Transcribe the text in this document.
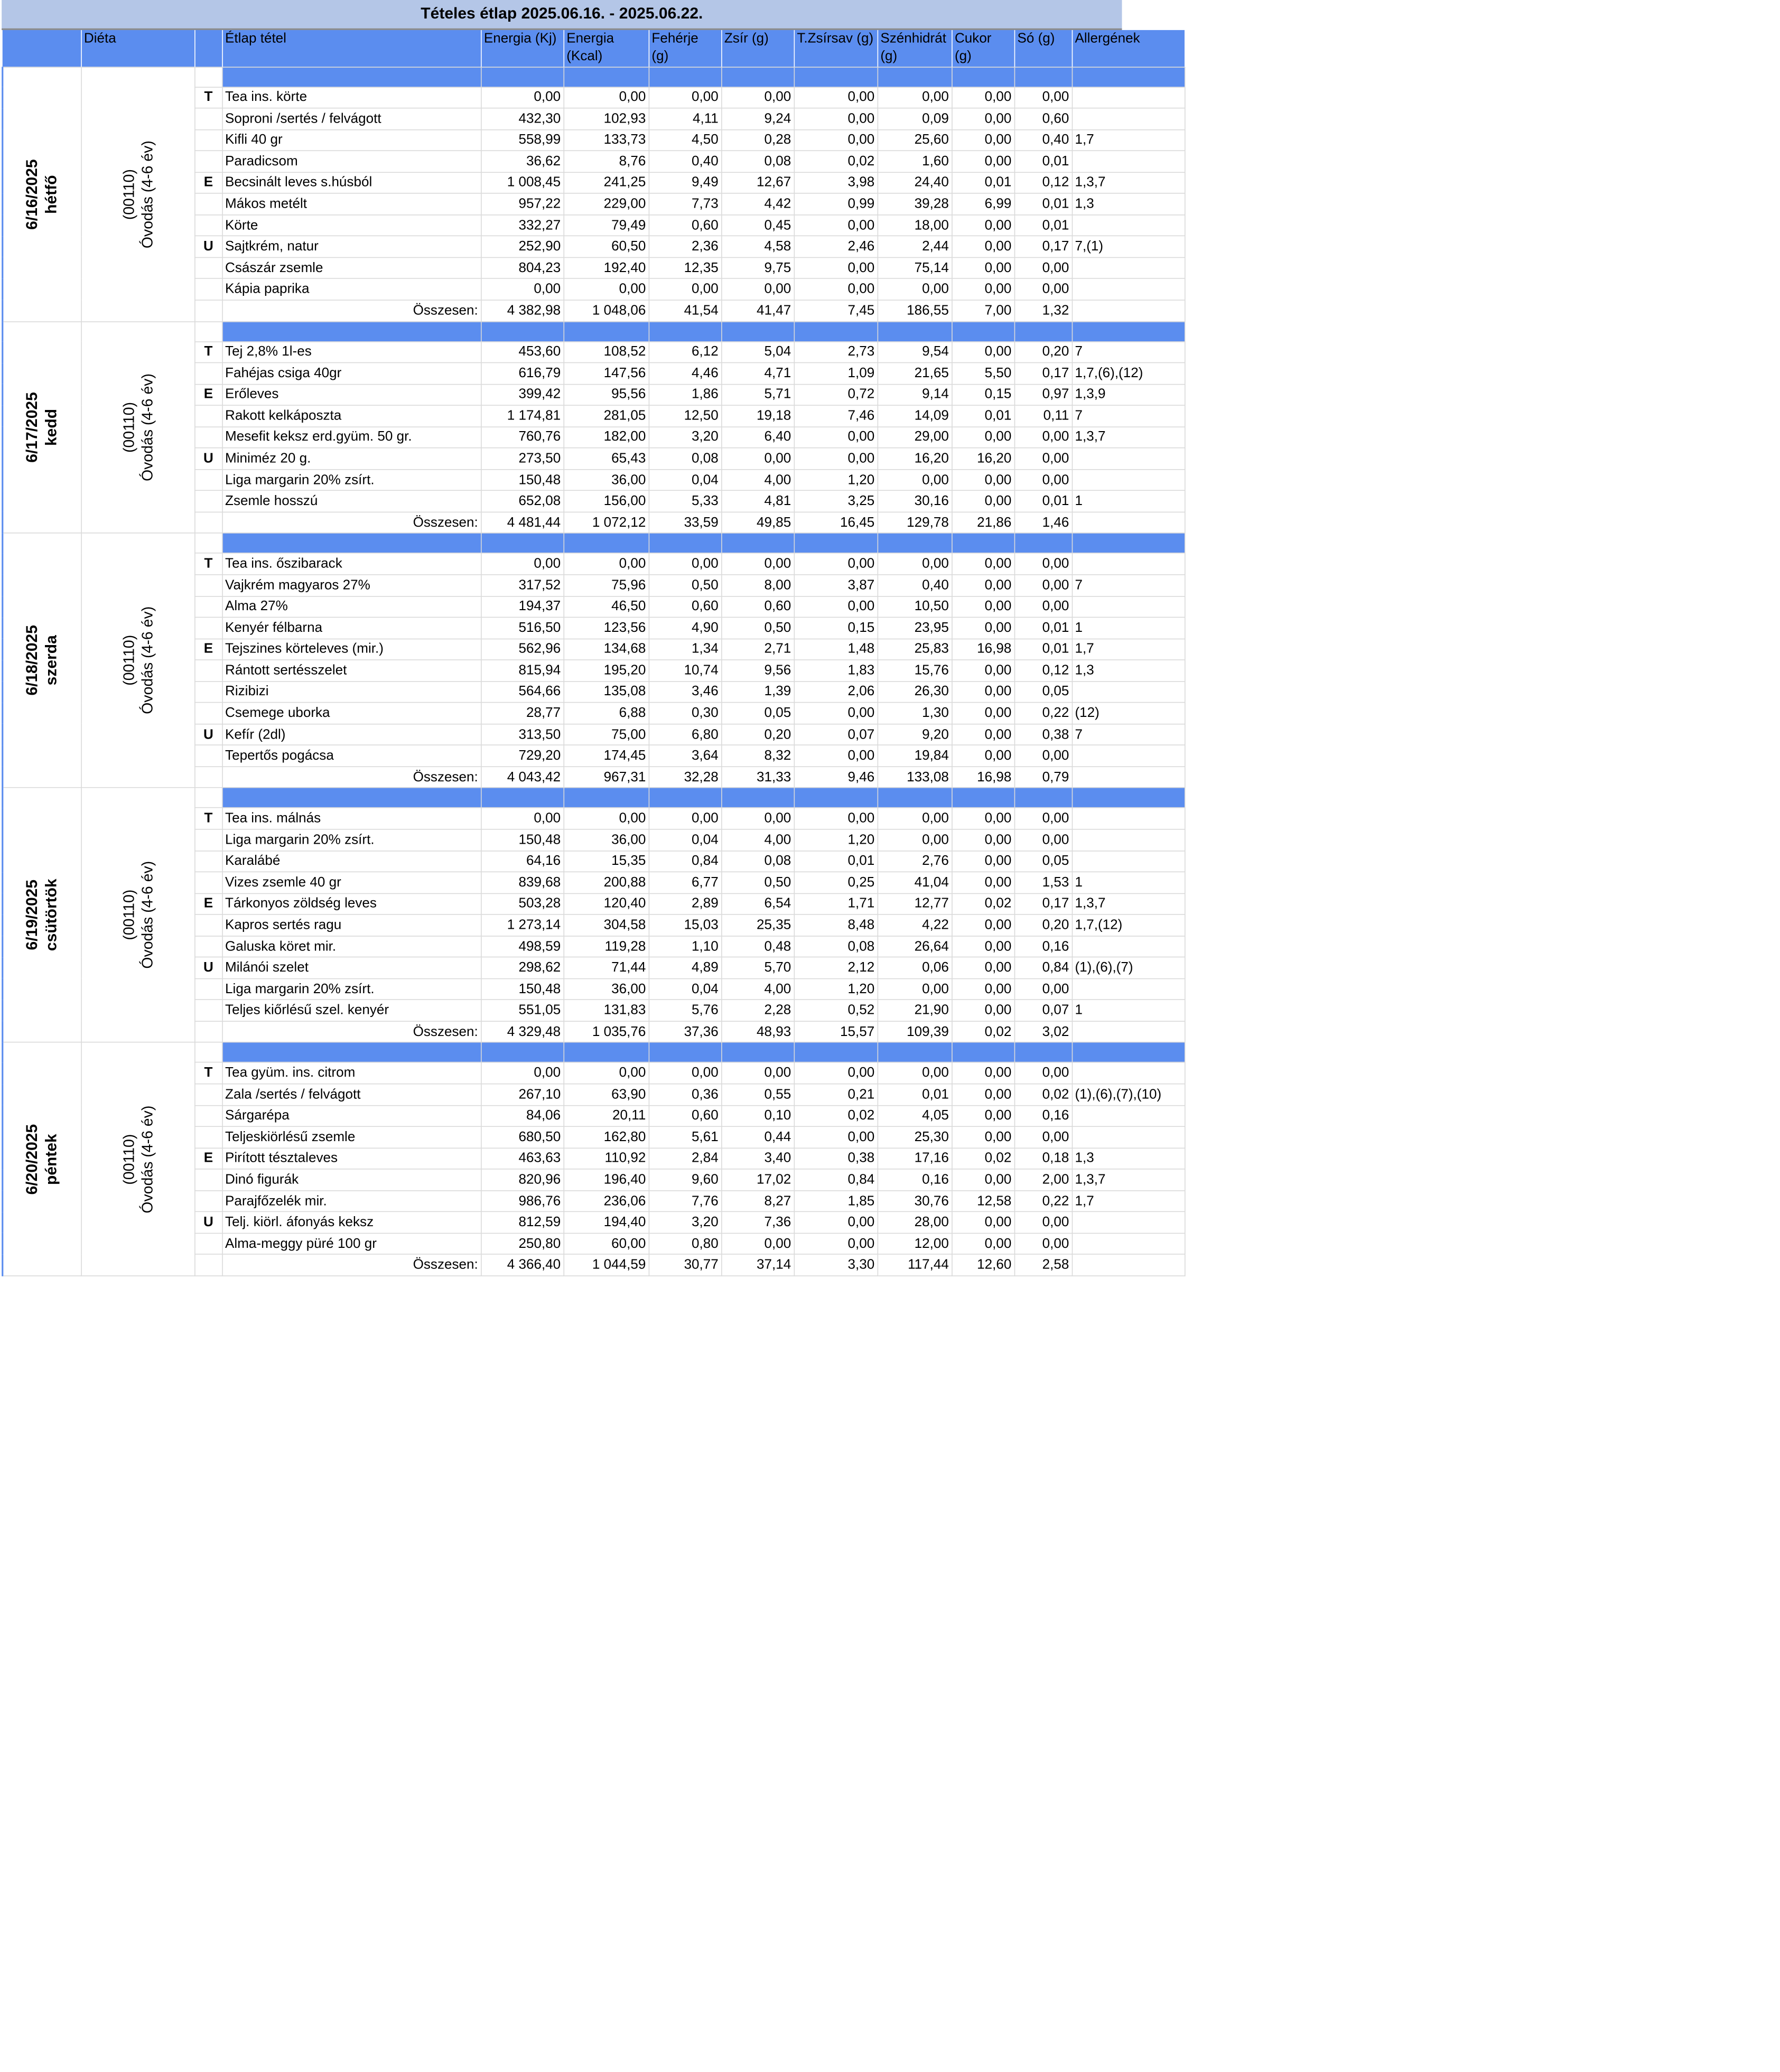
Tételes étlap 2025.06.16. - 2025.06.22.
	Diéta		Étlap tétel	Energia (Kj)	Energia (Kcal)	Fehérje (g)	Zsír (g)	T.Zsírsav (g)	Szénhidrát (g)	Cukor (g)	Só (g)	Allergének
6/16/2025 hétfő	(00110) Óvodás (4-6 év)											
		T	Tea ins. körte	0,00	0,00	0,00	0,00	0,00	0,00	0,00	0,00	
			Soproni /sertés / felvágott	432,30	102,93	4,11	9,24	0,00	0,09	0,00	0,60	
			Kifli 40 gr	558,99	133,73	4,50	0,28	0,00	25,60	0,00	0,40	1,7
			Paradicsom	36,62	8,76	0,40	0,08	0,02	1,60	0,00	0,01	
		E	Becsinált leves s.húsból	1 008,45	241,25	9,49	12,67	3,98	24,40	0,01	0,12	1,3,7
			Mákos metélt	957,22	229,00	7,73	4,42	0,99	39,28	6,99	0,01	1,3
			Körte	332,27	79,49	0,60	0,45	0,00	18,00	0,00	0,01	
		U	Sajtkrém, natur	252,90	60,50	2,36	4,58	2,46	2,44	0,00	0,17	7,(1)
			Császár zsemle	804,23	192,40	12,35	9,75	0,00	75,14	0,00	0,00	
			Kápia paprika	0,00	0,00	0,00	0,00	0,00	0,00	0,00	0,00	
			Összesen:	4 382,98	1 048,06	41,54	41,47	7,45	186,55	7,00	1,32	
6/17/2025 kedd	(00110) Óvodás (4-6 év)											
		T	Tej 2,8% 1l-es	453,60	108,52	6,12	5,04	2,73	9,54	0,00	0,20	7
			Fahéjas csiga 40gr	616,79	147,56	4,46	4,71	1,09	21,65	5,50	0,17	1,7,(6),(12)
		E	Erőleves	399,42	95,56	1,86	5,71	0,72	9,14	0,15	0,97	1,3,9
			Rakott kelkáposzta	1 174,81	281,05	12,50	19,18	7,46	14,09	0,01	0,11	7
			Mesefit keksz erd.gyüm. 50 gr.	760,76	182,00	3,20	6,40	0,00	29,00	0,00	0,00	1,3,7
		U	Miniméz 20 g.	273,50	65,43	0,08	0,00	0,00	16,20	16,20	0,00	
			Liga margarin 20% zsírt.	150,48	36,00	0,04	4,00	1,20	0,00	0,00	0,00	
			Zsemle hosszú	652,08	156,00	5,33	4,81	3,25	30,16	0,00	0,01	1
			Összesen:	4 481,44	1 072,12	33,59	49,85	16,45	129,78	21,86	1,46	
6/18/2025 szerda	(00110) Óvodás (4-6 év)											
		T	Tea ins. őszibarack	0,00	0,00	0,00	0,00	0,00	0,00	0,00	0,00	
			Vajkrém magyaros 27%	317,52	75,96	0,50	8,00	3,87	0,40	0,00	0,00	7
			Alma 27%	194,37	46,50	0,60	0,60	0,00	10,50	0,00	0,00	
			Kenyér félbarna	516,50	123,56	4,90	0,50	0,15	23,95	0,00	0,01	1
		E	Tejszines körteleves (mir.)	562,96	134,68	1,34	2,71	1,48	25,83	16,98	0,01	1,7
			Rántott sertésszelet	815,94	195,20	10,74	9,56	1,83	15,76	0,00	0,12	1,3
			Rizibizi	564,66	135,08	3,46	1,39	2,06	26,30	0,00	0,05	
			Csemege uborka	28,77	6,88	0,30	0,05	0,00	1,30	0,00	0,22	(12)
		U	Kefír (2dl)	313,50	75,00	6,80	0,20	0,07	9,20	0,00	0,38	7
			Tepertős pogácsa	729,20	174,45	3,64	8,32	0,00	19,84	0,00	0,00	
			Összesen:	4 043,42	967,31	32,28	31,33	9,46	133,08	16,98	0,79	
6/19/2025 csütörtök	(00110) Óvodás (4-6 év)											
		T	Tea ins. málnás	0,00	0,00	0,00	0,00	0,00	0,00	0,00	0,00	
			Liga margarin 20% zsírt.	150,48	36,00	0,04	4,00	1,20	0,00	0,00	0,00	
			Karalábé	64,16	15,35	0,84	0,08	0,01	2,76	0,00	0,05	
			Vizes zsemle 40 gr	839,68	200,88	6,77	0,50	0,25	41,04	0,00	1,53	1
		E	Tárkonyos zöldség leves	503,28	120,40	2,89	6,54	1,71	12,77	0,02	0,17	1,3,7
			Kapros sertés ragu	1 273,14	304,58	15,03	25,35	8,48	4,22	0,00	0,20	1,7,(12)
			Galuska köret mir.	498,59	119,28	1,10	0,48	0,08	26,64	0,00	0,16	
		U	Milánói szelet	298,62	71,44	4,89	5,70	2,12	0,06	0,00	0,84	(1),(6),(7)
			Liga margarin 20% zsírt.	150,48	36,00	0,04	4,00	1,20	0,00	0,00	0,00	
			Teljes kiőrlésű szel. kenyér	551,05	131,83	5,76	2,28	0,52	21,90	0,00	0,07	1
			Összesen:	4 329,48	1 035,76	37,36	48,93	15,57	109,39	0,02	3,02	
6/20/2025 péntek	(00110) Óvodás (4-6 év)											
		T	Tea gyüm. ins. citrom	0,00	0,00	0,00	0,00	0,00	0,00	0,00	0,00	
			Zala /sertés / felvágott	267,10	63,90	0,36	0,55	0,21	0,01	0,00	0,02	(1),(6),(7),(10)
			Sárgarépa	84,06	20,11	0,60	0,10	0,02	4,05	0,00	0,16	
			Teljeskiörlésű zsemle	680,50	162,80	5,61	0,44	0,00	25,30	0,00	0,00	
		E	Pirított tésztaleves	463,63	110,92	2,84	3,40	0,38	17,16	0,02	0,18	1,3
			Dinó figurák	820,96	196,40	9,60	17,02	0,84	0,16	0,00	2,00	1,3,7
			Parajfőzelék mir.	986,76	236,06	7,76	8,27	1,85	30,76	12,58	0,22	1,7
		U	Telj. kiörl. áfonyás keksz	812,59	194,40	3,20	7,36	0,00	28,00	0,00	0,00	
			Alma-meggy püré 100 gr	250,80	60,00	0,80	0,00	0,00	12,00	0,00	0,00	
			Összesen:	4 366,40	1 044,59	30,77	37,14	3,30	117,44	12,60	2,58	
